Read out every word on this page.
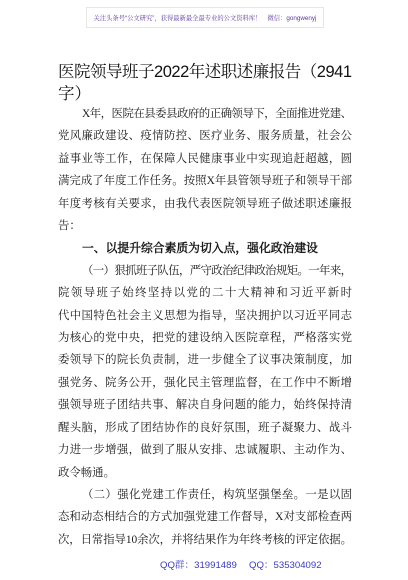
关注头条号“公文研究”，获得最新最全最专业的公文资料库！ 微信：gongwenyj
医院领导班子2022年述职述廉报告（2941
字）
X年，医院在县委县政府的正确领导下，全面推进党建、
党风廉政建设、疫情防控、医疗业务、服务质量，社会公
益事业等工作，在保障人民健康事业中实现追赶超越，圆
满完成了年度工作任务。按照X年县管领导班子和领导干部
年度考核有关要求，由我代表医院领导班子做述职述廉报
告：
一、以提升综合素质为切入点，强化政治建设
（一）狠抓班子队伍，严守政治纪律政治规矩。一年来，
院领导班子始终坚持以党的二十大精神和习近平新时
代中国特色社会主义思想为指导，坚决拥护以习近平同志
为核心的党中央，把党的建设纳入医院章程，严格落实党
委领导下的院长负责制，进一步健全了议事决策制度，加
强党务、院务公开，强化民主管理监督，在工作中不断增
强领导班子团结共事、解决自身问题的能力，始终保持清
醒头脑，形成了团结协作的良好氛围，班子凝聚力、战斗
力进一步增强，做到了服从安排、忠诚履职、主动作为、
政令畅通。
（二）强化党建工作责任，构筑坚强堡垒。一是以固
态和动态相结合的方式加强党建工作督导，X对支部检查两
次，日常指导10余次，并将结果作为年终考核的评定依据。
QQ群：31991489 QQ：535304092
